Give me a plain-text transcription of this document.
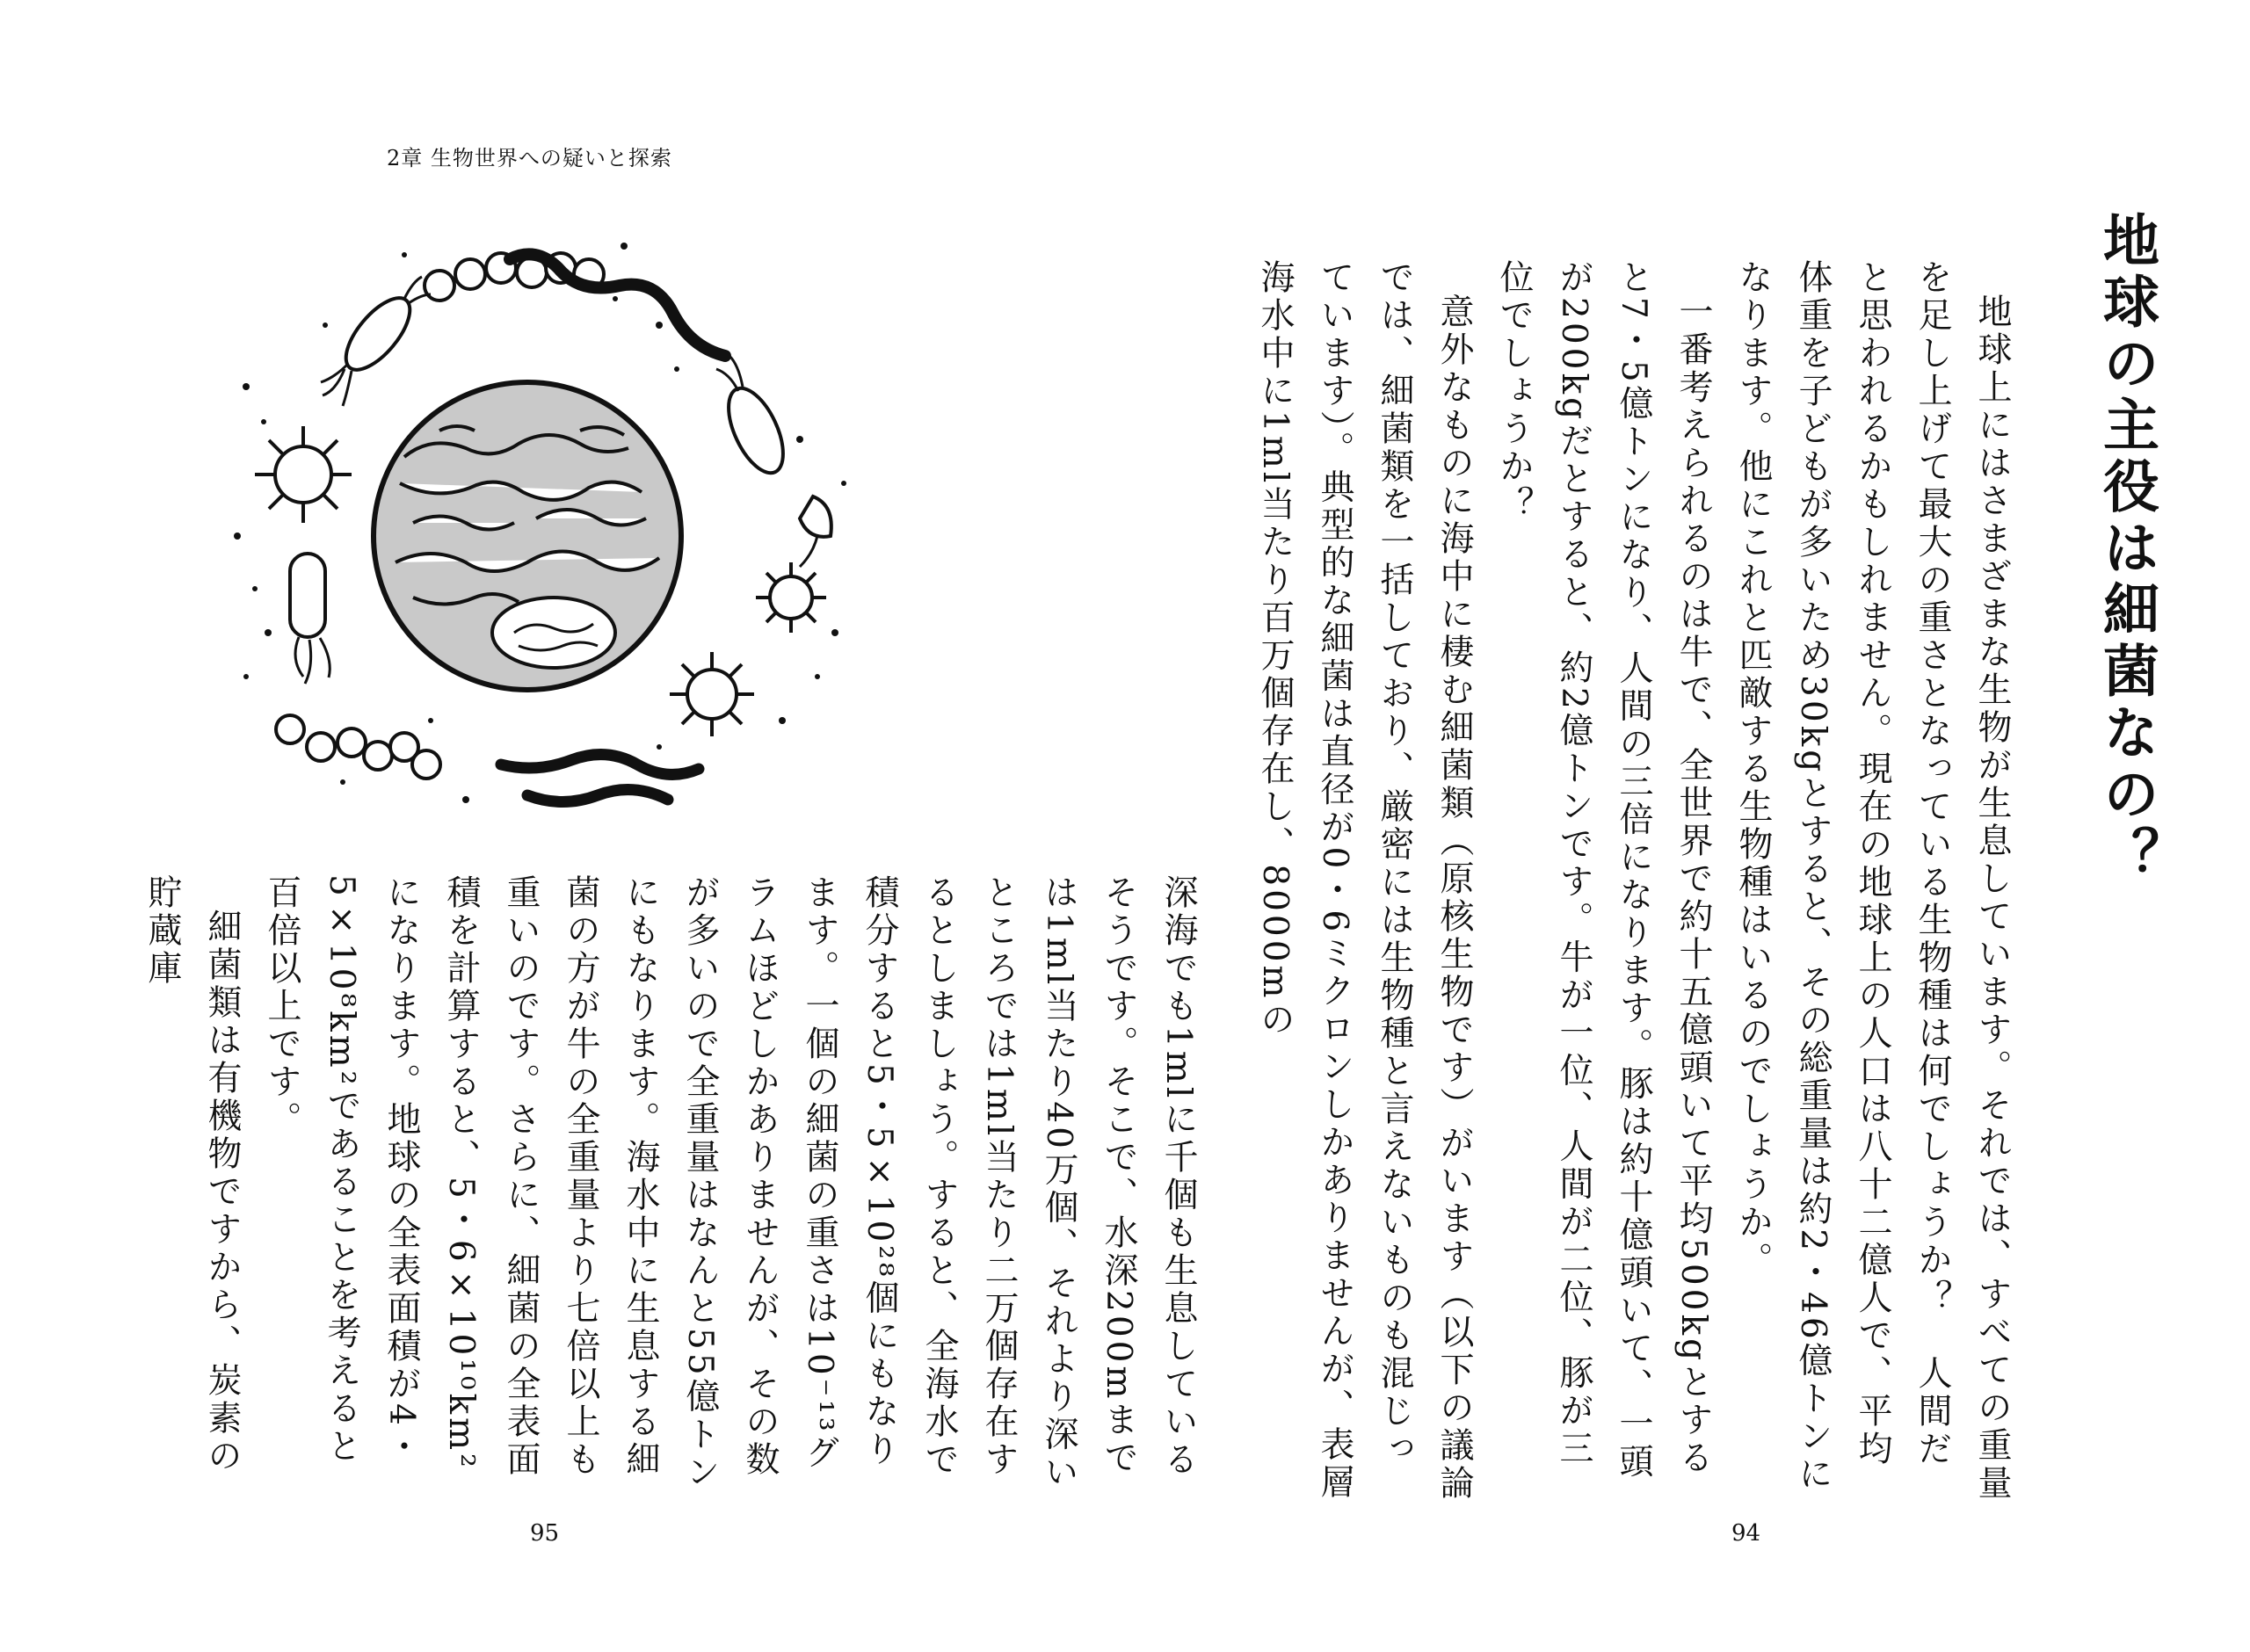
2章 生物世界への疑いと探索

深海でも1mlに千個も生息しているそうです。そこで、水深200mまでは1ml当たり40万個、それより深いところでは1ml当たり二万個存在するとしましょう。すると、全海水で積分すると5・5×10²⁸個にもなります。一個の細菌の重さは10⁻¹³グラムほどしかありませんが、その数が多いので全重量はなんと55億トンにもなります。海水中に生息する細菌の方が牛の全重量より七倍以上も重いのです。さらに、細菌の全表面積を計算すると、5・6×10¹⁰km²になります。地球の全表面積が4・5×10⁸km²であることを考えると百倍以上です。

細菌類は有機物ですから、炭素の貯蔵庫

95
地球の主役は細菌なの？

地球上にはさまざまな生物が生息しています。それでは、すべての重量を足し上げて最大の重さとなっている生物種は何でしょうか？　人間だと思われるかもしれません。現在の地球上の人口は八十二億人で、平均体重を子どもが多いため30kgとすると、その総重量は約2・46億トンになります。他にこれと匹敵する生物種はいるのでしょうか。

一番考えられるのは牛で、全世界で約十五億頭いて平均500kgとすると7・5億トンになり、人間の三倍になります。豚は約十億頭いて、一頭が200kgだとすると、約2億トンです。牛が一位、人間が二位、豚が三位でしょうか？

意外なものに海中に棲む細菌類（原核生物です）がいます（以下の議論では、細菌類を一括しており、厳密には生物種と言えないものも混じっています）。典型的な細菌は直径が0・6ミクロンしかありませんが、表層海水中に1ml当たり百万個存在し、8000mの

94
